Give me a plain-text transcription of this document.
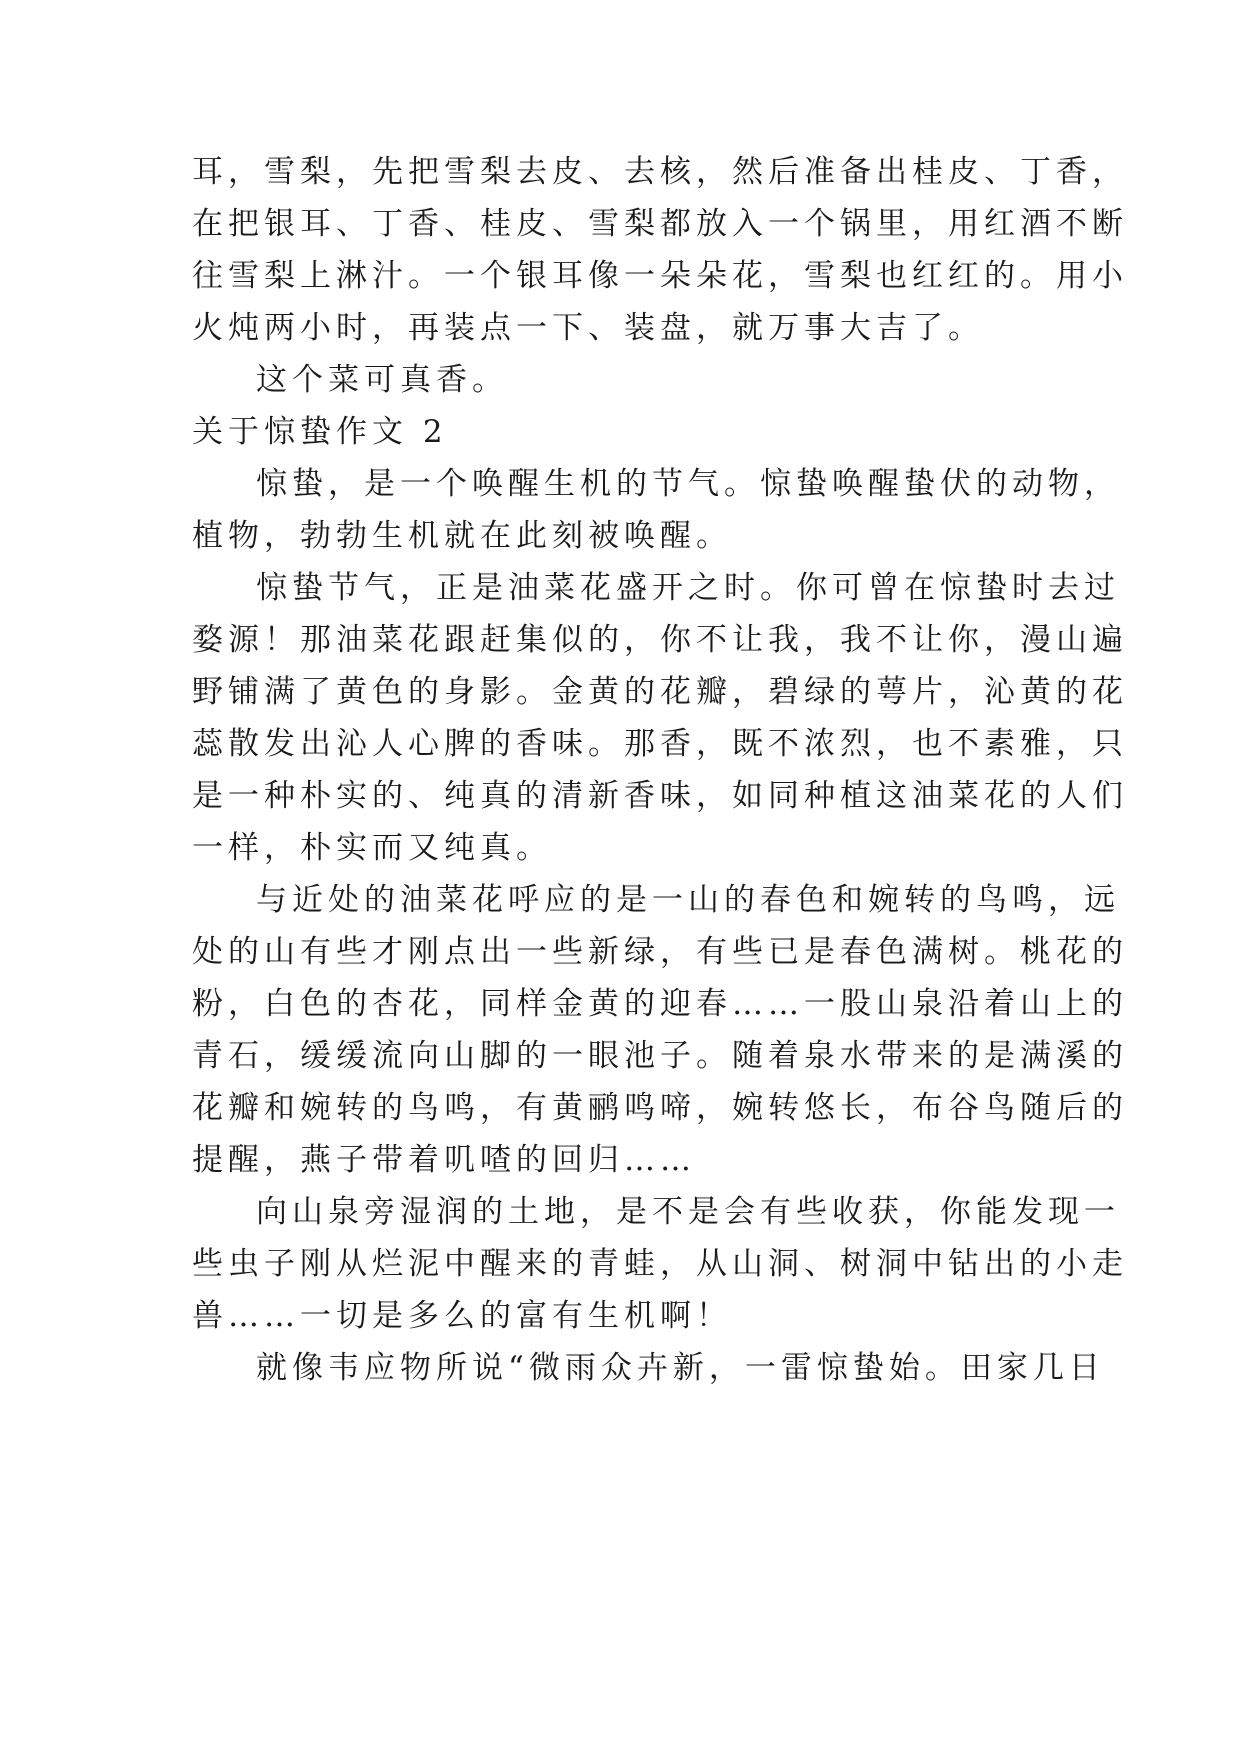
耳，雪梨，先把雪梨去皮、去核，然后准备出桂皮、丁香，
在把银耳、丁香、桂皮、雪梨都放入一个锅里，用红酒不断
往雪梨上淋汁。一个银耳像一朵朵花，雪梨也红红的。用小
火炖两小时，再装点一下、装盘，就万事大吉了。
这个菜可真香。
关于惊蛰作文 2
惊蛰，是一个唤醒生机的节气。惊蛰唤醒蛰伏的动物，
植物，勃勃生机就在此刻被唤醒。
惊蛰节气，正是油菜花盛开之时。你可曾在惊蛰时去过
婺源！那油菜花跟赶集似的，你不让我，我不让你，漫山遍
野铺满了黄色的身影。金黄的花瓣，碧绿的萼片，沁黄的花
蕊散发出沁人心脾的香味。那香，既不浓烈，也不素雅，只
是一种朴实的、纯真的清新香味，如同种植这油菜花的人们
一样，朴实而又纯真。
与近处的油菜花呼应的是一山的春色和婉转的鸟鸣，远
处的山有些才刚点出一些新绿，有些已是春色满树。桃花的
粉，白色的杏花，同样金黄的迎春……一股山泉沿着山上的
青石，缓缓流向山脚的一眼池子。随着泉水带来的是满溪的
花瓣和婉转的鸟鸣，有黄鹂鸣啼，婉转悠长，布谷鸟随后的
提醒，燕子带着叽喳的回归……
向山泉旁湿润的土地，是不是会有些收获，你能发现一
些虫子刚从烂泥中醒来的青蛙，从山洞、树洞中钻出的小走
兽……一切是多么的富有生机啊！
就像韦应物所说“微雨众卉新，一雷惊蛰始。田家几日
